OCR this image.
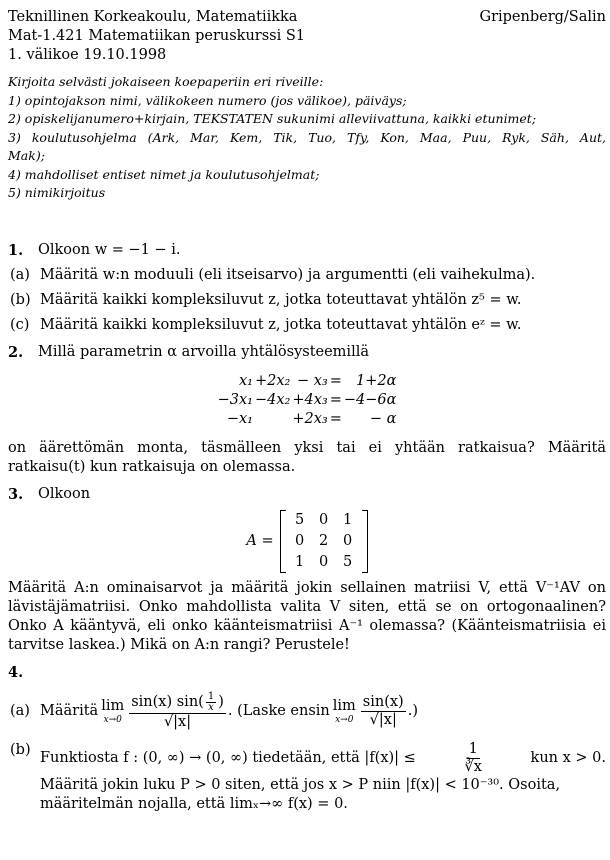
Teknillinen Korkeakoulu, Matematiikka	Gripenberg/Salin
Mat-1.421 Matematiikan peruskurssi S1
1. välikoe 19.10.1998
Kirjoita selvästi jokaiseen koepaperiin eri riveille:
1) opintojakson nimi, välikokeen numero (jos välikoe), päiväys;
2) opiskelijanumero+kirjain, TEKSTATEN sukunimi alleviivattuna, kaikki etunimet;
3) koulutusohjelma (Ark, Mar, Kem, Tik, Tuo, Tfy, Kon, Maa, Puu, Ryk, Säh, Aut,
Mak);
4) mahdolliset entiset nimet ja koulutusohjelmat;
5) nimikirjoitus
1.	Olkoon w = −1 − i.
(a) Määritä w:n moduuli (eli itseisarvo) ja argumentti (eli vaihekulma).
(b) Määritä kaikki kompleksiluvut z, jotka toteuttavat yhtälön z⁵ = w.
(c) Määritä kaikki kompleksiluvut z, jotka toteuttavat yhtälön eᶻ = w.
2.	Millä parametrin α arvoilla yhtälösysteemillä
x₁	+2x₂	− x₃	=	1+2α
−3x₁	−4x₂	+4x₃	=	−4−6α
−x₁		+2x₃	=	− α
on äärettömän monta, täsmälleen yksi tai ei yhtään ratkaisua? Määritä ratkaisu(t) kun ratkaisuja on olemassa.
3.	Olkoon
A =
5	0	1
0	2	0
1	0	5
Määritä A:n ominaisarvot ja määritä jokin sellainen matriisi V, että V⁻¹AV on lävistäjämatriisi. Onko mahdollista valita V siten, että se on ortogonaalinen? Onko A kääntyvä, eli onko käänteismatriisi A⁻¹ olemassa? (Käänteismatriisia ei tarvitse laskea.) Mikä on A:n rangi? Perustele!
4.
(a) Määritä lim
$x\to 0 \frac{\sin(x) \sin( \frac{1}{x} )}{√|x|}$ . (Laske ensin lim
$x\to 0 \frac{\sin(x)}{√|x|}$ .)
(b) Funktiosta f : (0, ∞) → (0, ∞) tiedetään, että |f(x)| ≤	$\frac{1}{∛x}$	kun x > 0.
Määritä jokin luku P > 0 siten, että jos x > P niin |f(x)| < 10⁻³⁰. Osoita,
määritelmän nojalla, että limₓ→∞ f(x) = 0.
